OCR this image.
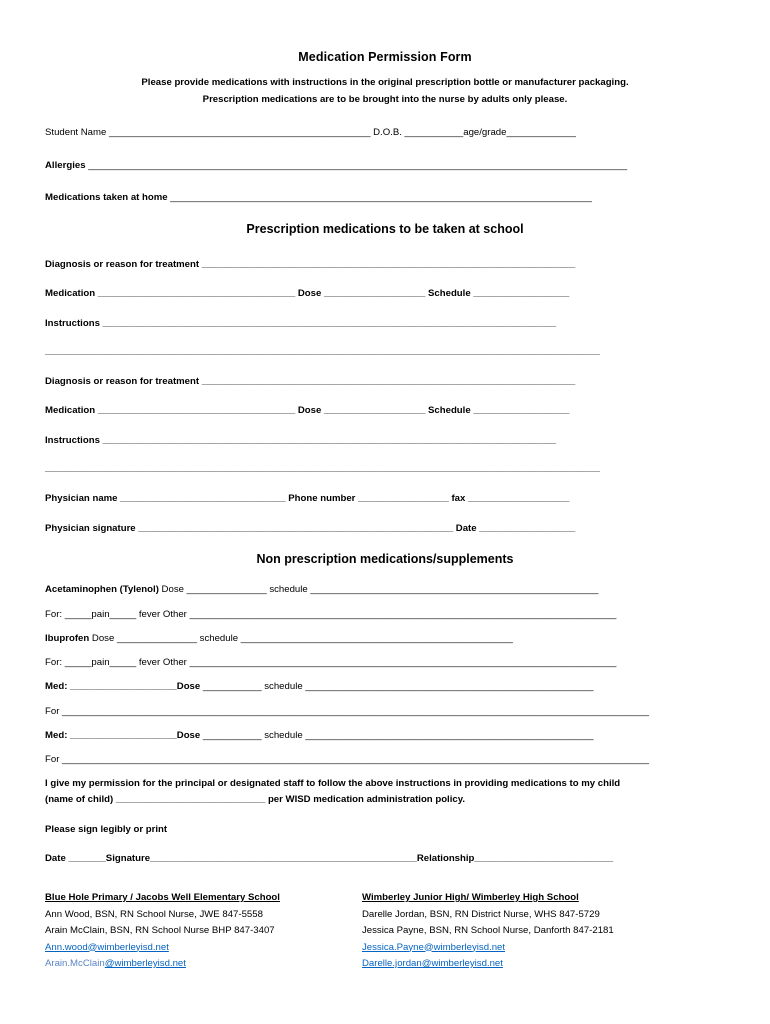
Medication Permission Form
Please provide medications with instructions in the original prescription bottle or manufacturer packaging.
Prescription medications are to be brought into the nurse by adults only please.
Student Name _________________________________________________ D.O.B. ___________age/grade_____________
Allergies _____________________________________________________________________________________________________
Medications taken at home _______________________________________________________________________________
Prescription medications to be taken at school
Diagnosis or reason for treatment ______________________________________________________________________
Medication _____________________________________ Dose ___________________ Schedule __________________
Instructions _____________________________________________________________________________________
________________________________________________________________________________________________________
Diagnosis or reason for treatment ______________________________________________________________________
Medication _____________________________________ Dose ___________________ Schedule __________________
Instructions _____________________________________________________________________________________
________________________________________________________________________________________________________
Physician name _______________________________ Phone number _________________ fax ___________________
Physician signature ___________________________________________________________ Date __________________
Non prescription medications/supplements
Acetaminophen (Tylenol) Dose _______________ schedule ______________________________________________________
For: _____pain_____ fever Other ________________________________________________________________________________
Ibuprofen Dose _______________ schedule ___________________________________________________
For: _____pain_____ fever Other ________________________________________________________________________________
Med: ____________________Dose ___________ schedule ______________________________________________________
For ______________________________________________________________________________________________________________
Med: ____________________Dose ___________ schedule ______________________________________________________
For ______________________________________________________________________________________________________________
I give my permission for the principal or designated staff to follow the above instructions in providing medications to my child
(name of child) ____________________________ per WISD medication administration policy.
Please sign legibly or print
Date _______Signature__________________________________________________Relationship__________________________
Blue Hole Primary / Jacobs Well Elementary School
Ann Wood, BSN, RN School Nurse, JWE 847-5558
Arain McClain, BSN, RN School Nurse BHP 847-3407
Ann.wood@wimberleyisd.net
Arain.McClain@wimberleyisd.net
Wimberley Junior High/ Wimberley High School
Darelle Jordan, BSN, RN District Nurse, WHS 847-5729
Jessica Payne, BSN, RN School Nurse, Danforth 847-2181
Jessica.Payne@wimberleyisd.net
Darelle.jordan@wimberleyisd.net
